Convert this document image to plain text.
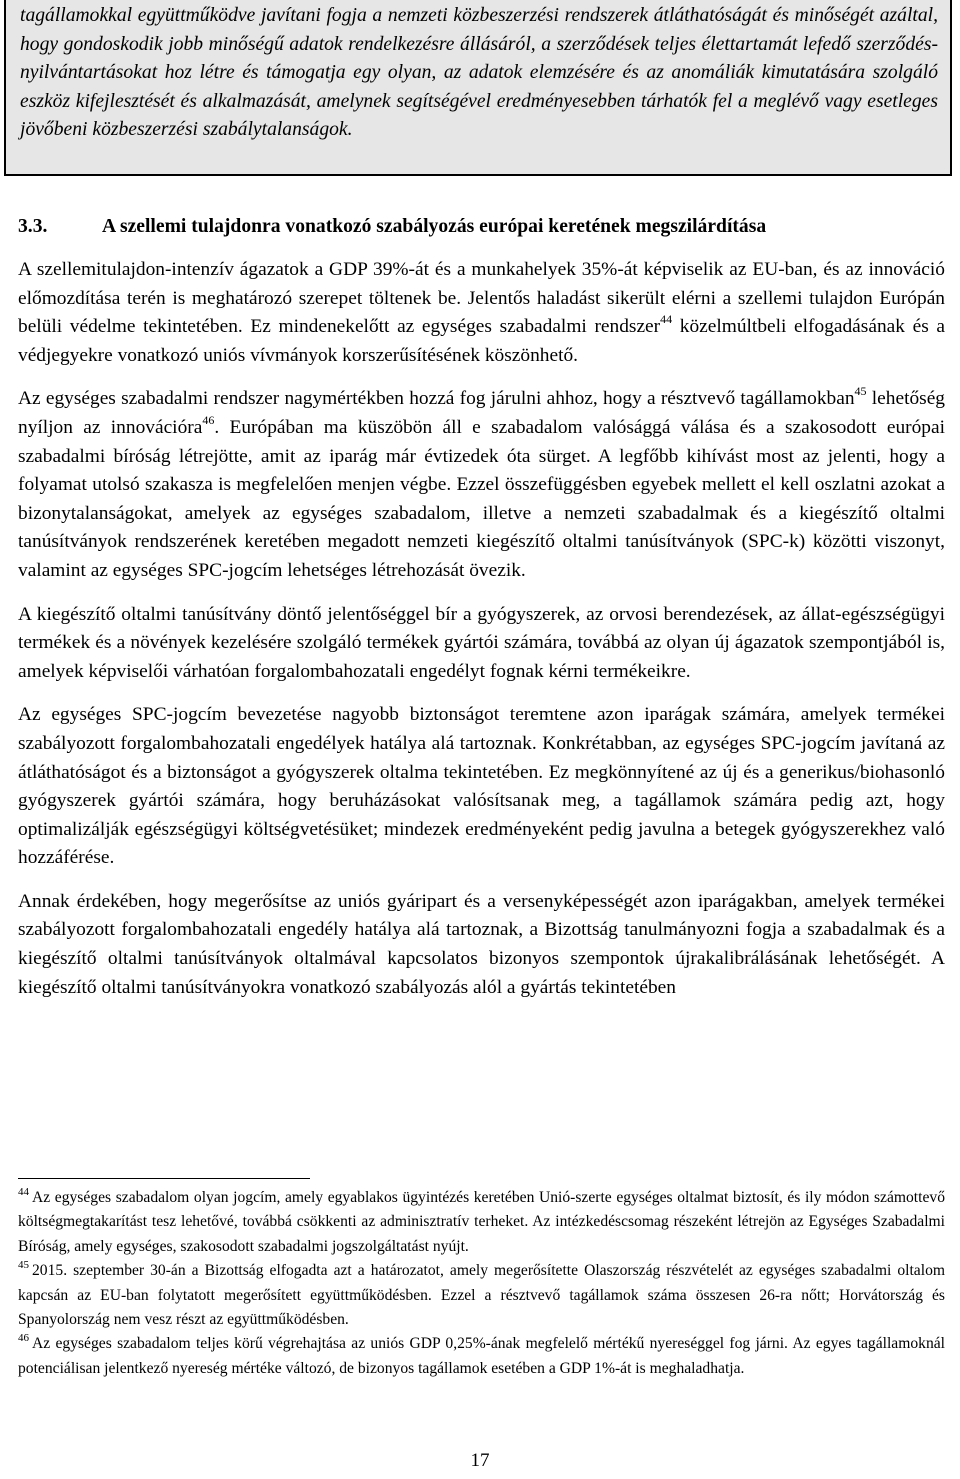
tagállamokkal együttműködve javítani fogja a nemzeti közbeszerzési rendszerek átláthatóságát és minőségét azáltal, hogy gondoskodik jobb minőségű adatok rendelkezésre állásáról, a szerződések teljes élettartamát lefedő szerződés-nyilvántartásokat hoz létre és támogatja egy olyan, az adatok elemzésére és az anomáliák kimutatására szolgáló eszköz kifejlesztését és alkalmazását, amelynek segítségével eredményesebben tárhatók fel a meglévő vagy esetleges jövőbeni közbeszerzési szabálytalanságok.
3.3.	A szellemi tulajdonra vonatkozó szabályozás európai keretének megszilárdítása

A szellemitulajdon-intenzív ágazatok a GDP 39%-át és a munkahelyek 35%-át képviselik az EU-ban, és az innováció előmozdítása terén is meghatározó szerepet töltenek be. Jelentős haladást sikerült elérni a szellemi tulajdon Európán belüli védelme tekintetében. Ez mindenekelőtt az egységes szabadalmi rendszer$^{44}$ közelmúltbeli elfogadásának és a védjegyekre vonatkozó uniós vívmányok korszerűsítésének köszönhető.

Az egységes szabadalmi rendszer nagymértékben hozzá fog járulni ahhoz, hogy a résztvevő tagállamokban$^{45}$ lehetőség nyíljon az innovációra$^{46}$. Európában ma küszöbön áll e szabadalom valósággá válása és a szakosodott európai szabadalmi bíróság létrejötte, amit az iparág már évtizedek óta sürget. A legfőbb kihívást most az jelenti, hogy a folyamat utolsó szakasza is megfelelően menjen végbe. Ezzel összefüggésben egyebek mellett el kell oszlatni azokat a bizonytalanságokat, amelyek az egységes szabadalom, illetve a nemzeti szabadalmak és a kiegészítő oltalmi tanúsítványok rendszerének keretében megadott nemzeti kiegészítő oltalmi tanúsítványok (SPC-k) közötti viszonyt, valamint az egységes SPC-jogcím lehetséges létrehozását övezik.

A kiegészítő oltalmi tanúsítvány döntő jelentőséggel bír a gyógyszerek, az orvosi berendezések, az állat-egészségügyi termékek és a növények kezelésére szolgáló termékek gyártói számára, továbbá az olyan új ágazatok szempontjából is, amelyek képviselői várhatóan forgalombahozatali engedélyt fognak kérni termékeikre.

Az egységes SPC-jogcím bevezetése nagyobb biztonságot teremtene azon iparágak számára, amelyek termékei szabályozott forgalombahozatali engedélyek hatálya alá tartoznak. Konkrétabban, az egységes SPC-jogcím javítaná az átláthatóságot és a biztonságot a gyógyszerek oltalma tekintetében. Ez megkönnyítené az új és a generikus/biohasonló gyógyszerek gyártói számára, hogy beruházásokat valósítsanak meg, a tagállamok számára pedig azt, hogy optimalizálják egészségügyi költségvetésüket; mindezek eredményeként pedig javulna a betegek gyógyszerekhez való hozzáférése.

Annak érdekében, hogy megerősítse az uniós gyáripart és a versenyképességét azon iparágakban, amelyek termékei szabályozott forgalombahozatali engedély hatálya alá tartoznak, a Bizottság tanulmányozni fogja a szabadalmak és a kiegészítő oltalmi tanúsítványok oltalmával kapcsolatos bizonyos szempontok újrakalibrálásának lehetőségét. A kiegészítő oltalmi tanúsítványokra vonatkozó szabályozás alól a gyártás tekintetében

$^{44}$ Az egységes szabadalom olyan jogcím, amely egyablakos ügyintézés keretében Unió-szerte egységes oltalmat biztosít, és ily módon számottevő költségmegtakarítást tesz lehetővé, továbbá csökkenti az adminisztratív terheket. Az intézkedéscsomag részeként létrejön az Egységes Szabadalmi Bíróság, amely egységes, szakosodott szabadalmi jogszolgáltatást nyújt.

$^{45}$ 2015. szeptember 30-án a Bizottság elfogadta azt a határozatot, amely megerősítette Olaszország részvételét az egységes szabadalmi oltalom kapcsán az EU-ban folytatott megerősített együttműködésben. Ezzel a résztvevő tagállamok száma összesen 26-ra nőtt; Horvátország és Spanyolország nem vesz részt az együttműködésben.

$^{46}$ Az egységes szabadalom teljes körű végrehajtása az uniós GDP 0,25%-ának megfelelő mértékű nyereséggel fog járni. Az egyes tagállamoknál potenciálisan jelentkező nyereség mértéke változó, de bizonyos tagállamok esetében a GDP 1%-át is meghaladhatja.

17
